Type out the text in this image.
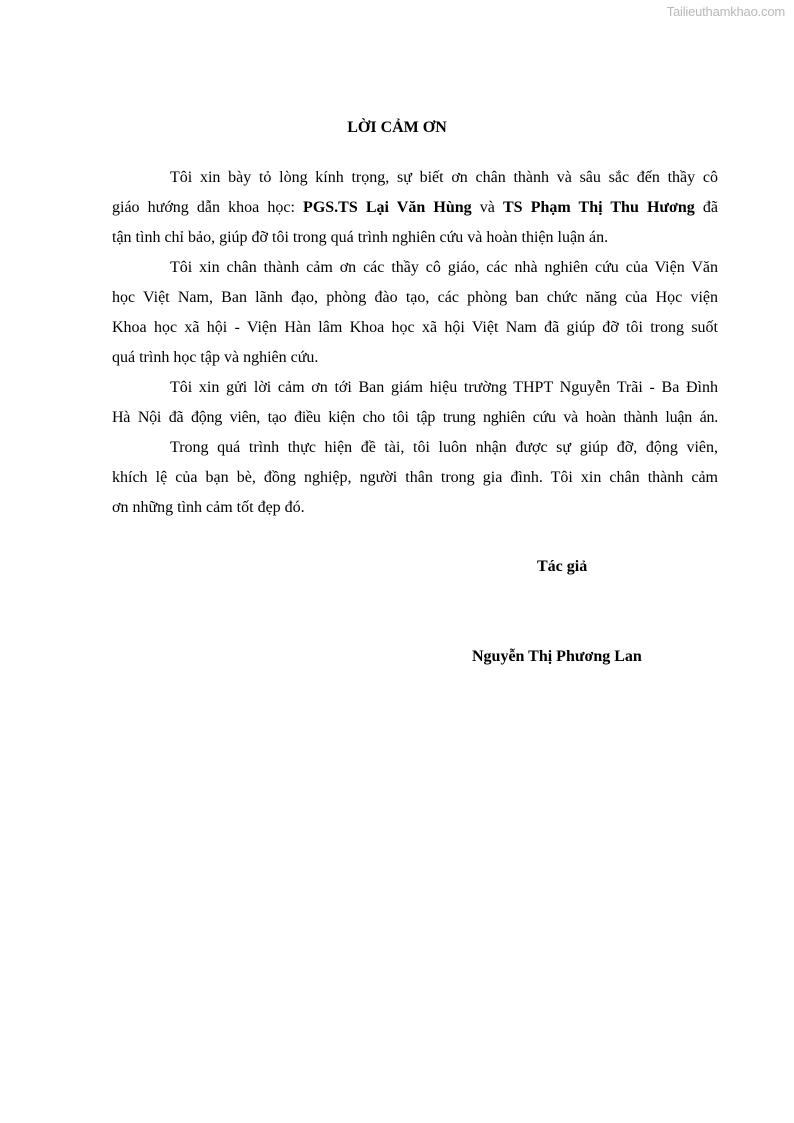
Tailieuthamkhao.com
LỜI CẢM ƠN
Tôi xin bày tỏ lòng kính trọng, sự biết ơn chân thành và sâu sắc đến thầy cô
giáo hướng dẫn khoa học: PGS.TS Lại Văn Hùng và TS Phạm Thị Thu Hương đã
tận tình chỉ bảo, giúp đỡ tôi trong quá trình nghiên cứu và hoàn thiện luận án.
Tôi xin chân thành cảm ơn các thầy cô giáo, các nhà nghiên cứu của Viện Văn
học Việt Nam, Ban lãnh đạo, phòng đào tạo, các phòng ban chức năng của Học viện
Khoa học xã hội - Viện Hàn lâm Khoa học xã hội Việt Nam đã giúp đỡ tôi trong suốt
quá trình học tập và nghiên cứu.
Tôi xin gửi lời cảm ơn tới Ban giám hiệu trường THPT Nguyễn Trãi - Ba Đình
Hà Nội đã động viên, tạo điều kiện cho tôi tập trung nghiên cứu và hoàn thành luận án.
Trong quá trình thực hiện đề tài, tôi luôn nhận được sự giúp đỡ, động viên,
khích lệ của bạn bè, đồng nghiệp, người thân trong gia đình. Tôi xin chân thành cảm
ơn những tình cảm tốt đẹp đó.
Tác giả
Nguyễn Thị Phương Lan
